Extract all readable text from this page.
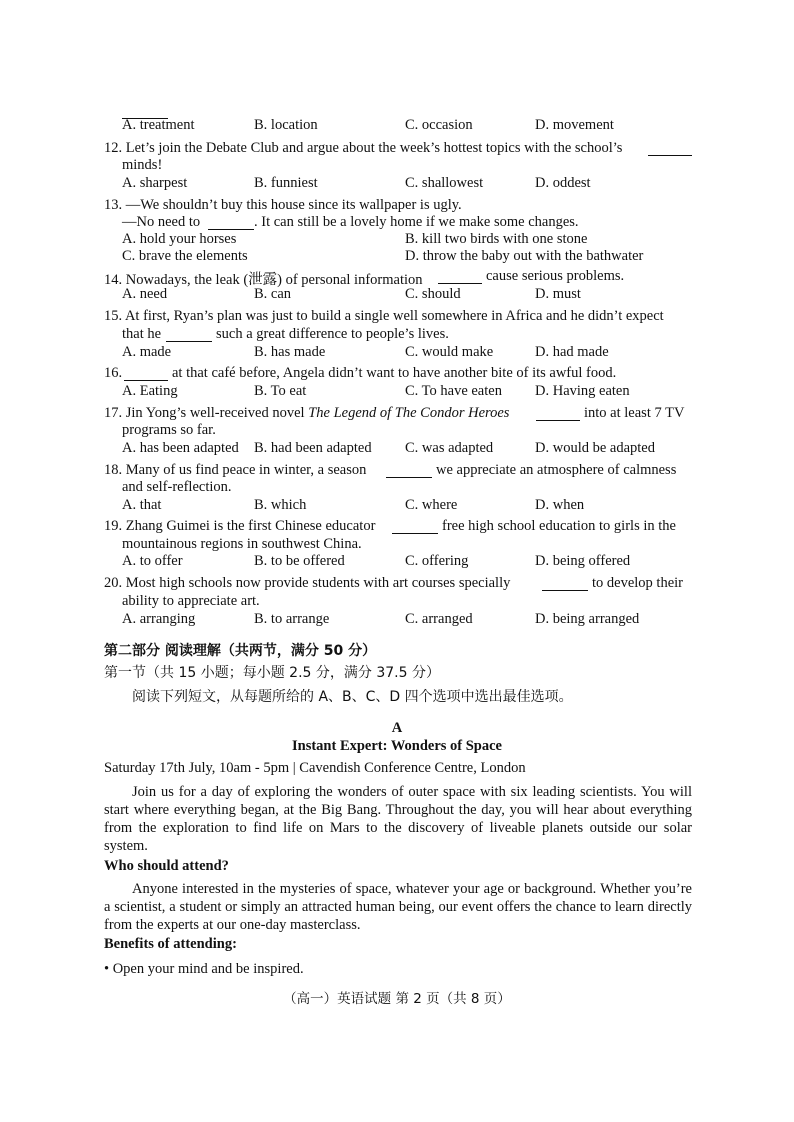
A. treatment	B. location	C. occasion	D. movement
12. Let’s join the Debate Club and argue about the week’s hottest topics with the school’s
minds!
A. sharpest	B. funniest	C. shallowest	D. oddest
13. —We shouldn’t buy this house since its wallpaper is ugly.
—No need to	. It can still be a lovely home if we make some changes.
A. hold your horses	B. kill two birds with one stone
C. brave the elements	D. throw the baby out with the bathwater
14. Nowadays, the leak (泄露) of personal information	cause serious problems.
A. need	B. can	C. should	D. must
15. At first, Ryan’s plan was just to build a single well somewhere in Africa and he didn’t expect
that he	such a great difference to people’s lives.
A. made	B. has made	C. would make	D. had made
16.	at that café before, Angela didn’t want to have another bite of its awful food.
A. Eating	B. To eat	C. To have eaten D. Having eaten
17. Jin Yong’s well-received novel The Legend of The Condor Heroes	into at least 7 TV
programs so far.
A. has been adapted B. had been adapted C. was adapted	D. would be adapted
18. Many of us find peace in winter, a season	we appreciate an atmosphere of calmness
and self-reflection.
A. that	B. which	C. where	D. when
19. Zhang Guimei is the first Chinese educator	free high school education to girls in the
mountainous regions in southwest China.
A. to offer	B. to be offered	C. offering	D. being offered
20. Most high schools now provide students with art courses specially	to develop their
ability to appreciate art.
A. arranging	B. to arrange	C. arranged	D. being arranged
第二部分 阅读理解（共两节，满分 50 分）
第一节（共 15 小题；每小题 2.5 分，满分 37.5 分）
阅读下列短文，从每题所给的 A、B、C、D 四个选项中选出最佳选项。
A
Instant Expert: Wonders of Space
Saturday 17th July, 10am - 5pm | Cavendish Conference Centre, London
Join us for a day of exploring the wonders of outer space with six leading scientists. You will start where everything began, at the Big Bang. Throughout the day, you will hear about everything from the exploration to find life on Mars to the discovery of liveable planets outside our solar system.
Who should attend?
Anyone interested in the mysteries of space, whatever your age or background. Whether you’re a scientist, a student or simply an attracted human being, our event offers the chance to learn directly from the experts at our one-day masterclass.
Benefits of attending:
• Open your mind and be inspired.
（高一）英语试题 第 2 页（共 8 页）
